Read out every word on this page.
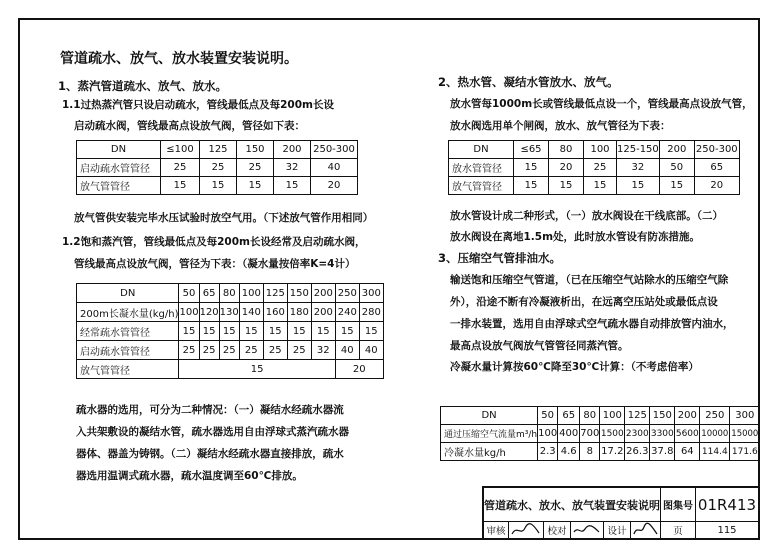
管道疏水、放气、放水装置安装说明。
1、蒸汽管道疏水、放气、放水。
1.1过热蒸汽管只设启动疏水，管线最低点及每200m长设
启动疏水阀，管线最高点设放气阀，管径如下表：
DN	≤100	125	150	200	250-300
启动疏水管管径	25	25	25	32	40
放气管管径	15	15	15	15	20
放气管供安装完毕水压试验时放空气用。（下述放气管作用相同）
1.2饱和蒸汽管，管线最低点及每200m长设经常及启动疏水阀，
管线最高点设放气阀，管径为下表：（凝水量按倍率K=4计）
DN	50	65	80	100	125	150	200	250	300
200m长凝水量(kg/h)	100	120	130	140	160	180	200	240	280
经常疏水管管径	15	15	15	15	15	15	15	15	15
启动疏水管管径	25	25	25	25	25	25	32	40	40
放气管管径	15							20	
疏水器的选用，可分为二种情况：（一）凝结水经疏水器流
入共架敷设的凝结水管，疏水器选用自由浮球式蒸汽疏水器
器体、器盖为铸钢。（二）凝结水经疏水器直接排放，疏水
器选用温调式疏水器，疏水温度调至60℃排放。
2、热水管、凝结水管放水、放气。
放水管每1000m长或管线最低点设一个，管线最高点设放气管，
放水阀选用单个闸阀，放水、放气管径为下表：
DN	≤65	80	100	125-150	200	250-300
放水管管径	15	20	25	32	50	65
放气管管径	15	15	15	15	15	20
放水管设计成二种形式，（一）放水阀设在干线底部。（二）
放水阀设在离地1.5m处，此时放水管设有防冻措施。
3、压缩空气管排油水。
输送饱和压缩空气管道，（已在压缩空气站除水的压缩空气除
外），沿途不断有冷凝液析出，在远离空压站处或最低点设
一排水装置，选用自由浮球式空气疏水器自动排放管内油水，
最高点设放气阀放气管管径同蒸汽管。
冷凝水量计算按60℃降至30℃计算：（不考虑倍率）
DN	50	65	80	100	125	150	200	250	300
通过压缩空气流量m³/h	100	400	700	1500	2300	3300	5600	10000	15000
冷凝水量kg/h	2.3	4.6	8	17.2	26.3	37.8	64	114.4	171.6
管道疏水、放水、放气装置安装说明 图集号 01R413
审核	校对	设计	页	115
